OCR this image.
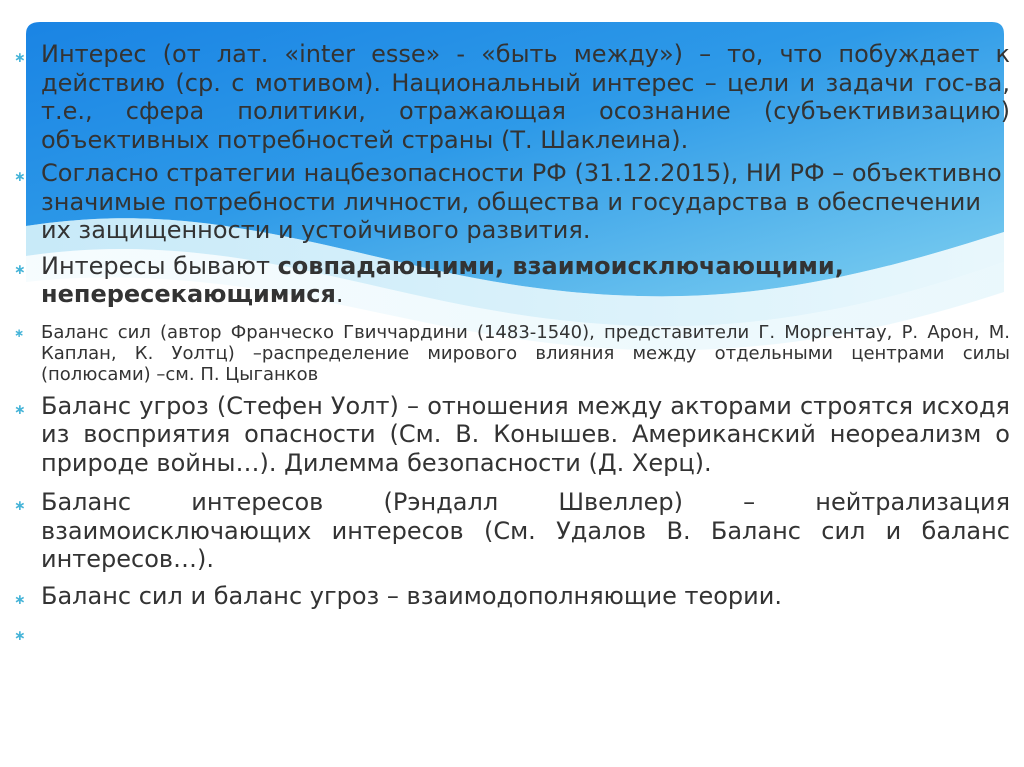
∗ Интерес (от лат. «inter esse» - «быть между») – то, что побуждает к действию (ср. с мотивом). Национальный интерес – цели и задачи гос-ва, т.е., сфера политики, отражающая осознание (субъективизацию) объективных потребностей страны (Т. Шаклеина).
∗ Согласно стратегии нацбезопасности РФ (31.12.2015), НИ РФ – объективно значимые потребности личности, общества и государства в обеспечении их защищенности и устойчивого развития.
∗ Интересы бывают совпадающими, взаимоисключающими, непересекающимися.
∗ Баланс сил (автор Франческо Гвиччардини (1483-1540), представители Г. Моргентау, Р. Арон, М. Каплан, К. Уолтц) –распределение мирового влияния между отдельными центрами силы (полюсами) –см. П. Цыганков
∗ Баланс угроз (Стефен Уолт) – отношения между акторами строятся исходя из восприятия опасности (См. В. Конышев. Американский неореализм о природе войны…). Дилемма безопасности (Д. Херц).
∗ Баланс интересов (Рэндалл Швеллер) – нейтрализация взаимоисключающих интересов (См. Удалов В. Баланс сил и баланс интересов…).
∗ Баланс сил и баланс угроз – взаимодополняющие теории.
∗
